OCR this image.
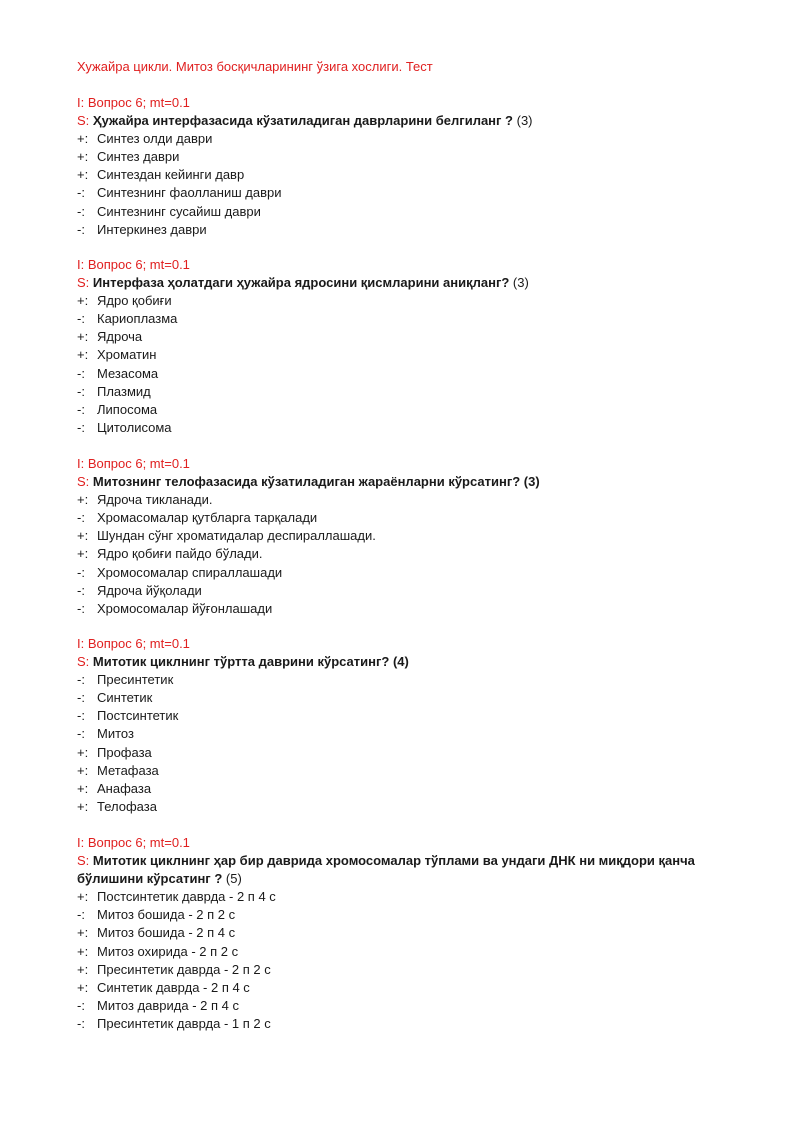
Хужайра цикли. Митоз босқичларининг ўзига хослиги. Тест
I: Вопрос 6; mt=0.1
S: Ҳужайра интерфазасида кўзатиладиган даврларини белгиланг ? (3)
+: Синтез олди даври
+: Синтез даври
+: Синтездан кейинги давр
-: Синтезнинг фаолланиш даври
-: Синтезнинг сусайиш даври
-: Интеркинез даври
I: Вопрос 6; mt=0.1
S: Интерфаза ҳолатдаги ҳужайра ядросини қисмларини аниқланг? (3)
+: Ядро қобиғи
-: Кариоплазма
+: Ядроча
+: Хроматин
-: Мезасома
-: Плазмид
-: Липосома
-: Цитолисома
I: Вопрос 6; mt=0.1
S: Митознинг телофазасида кўзатиладиган жараёнларни кўрсатинг? (3)
+: Ядроча тикланади.
-: Хромасомалар қутбларга тарқалади
+: Шундан сўнг хроматидалар деспираллашади.
+: Ядро қобиғи пайдо бўлади.
-: Хромосомалар спираллашади
-: Ядроча йўқолади
-: Хромосомалар йўғонлашади
I: Вопрос 6; mt=0.1
S: Митотик циклнинг тўртта даврини кўрсатинг? (4)
-: Пресинтетик
-: Синтетик
-: Постсинтетик
-: Митоз
+: Профаза
+: Метафаза
+: Анафаза
+: Телофаза
I: Вопрос 6; mt=0.1
S: Митотик циклнинг ҳар бир даврида хромосомалар тўплами ва ундаги ДНК ни миқдори қанча бўлишини кўрсатинг ? (5)
+: Постсинтетик даврда - 2 п 4 с
-: Митоз бошида - 2 п 2 с
+: Митоз бошида - 2 п 4 с
+: Митоз охирида - 2 п 2 с
+: Пресинтетик даврда - 2 п 2 с
+: Синтетик даврда - 2 п 4 с
-: Митоз даврида - 2 п 4 с
-: Пресинтетик даврда - 1 п 2 с
